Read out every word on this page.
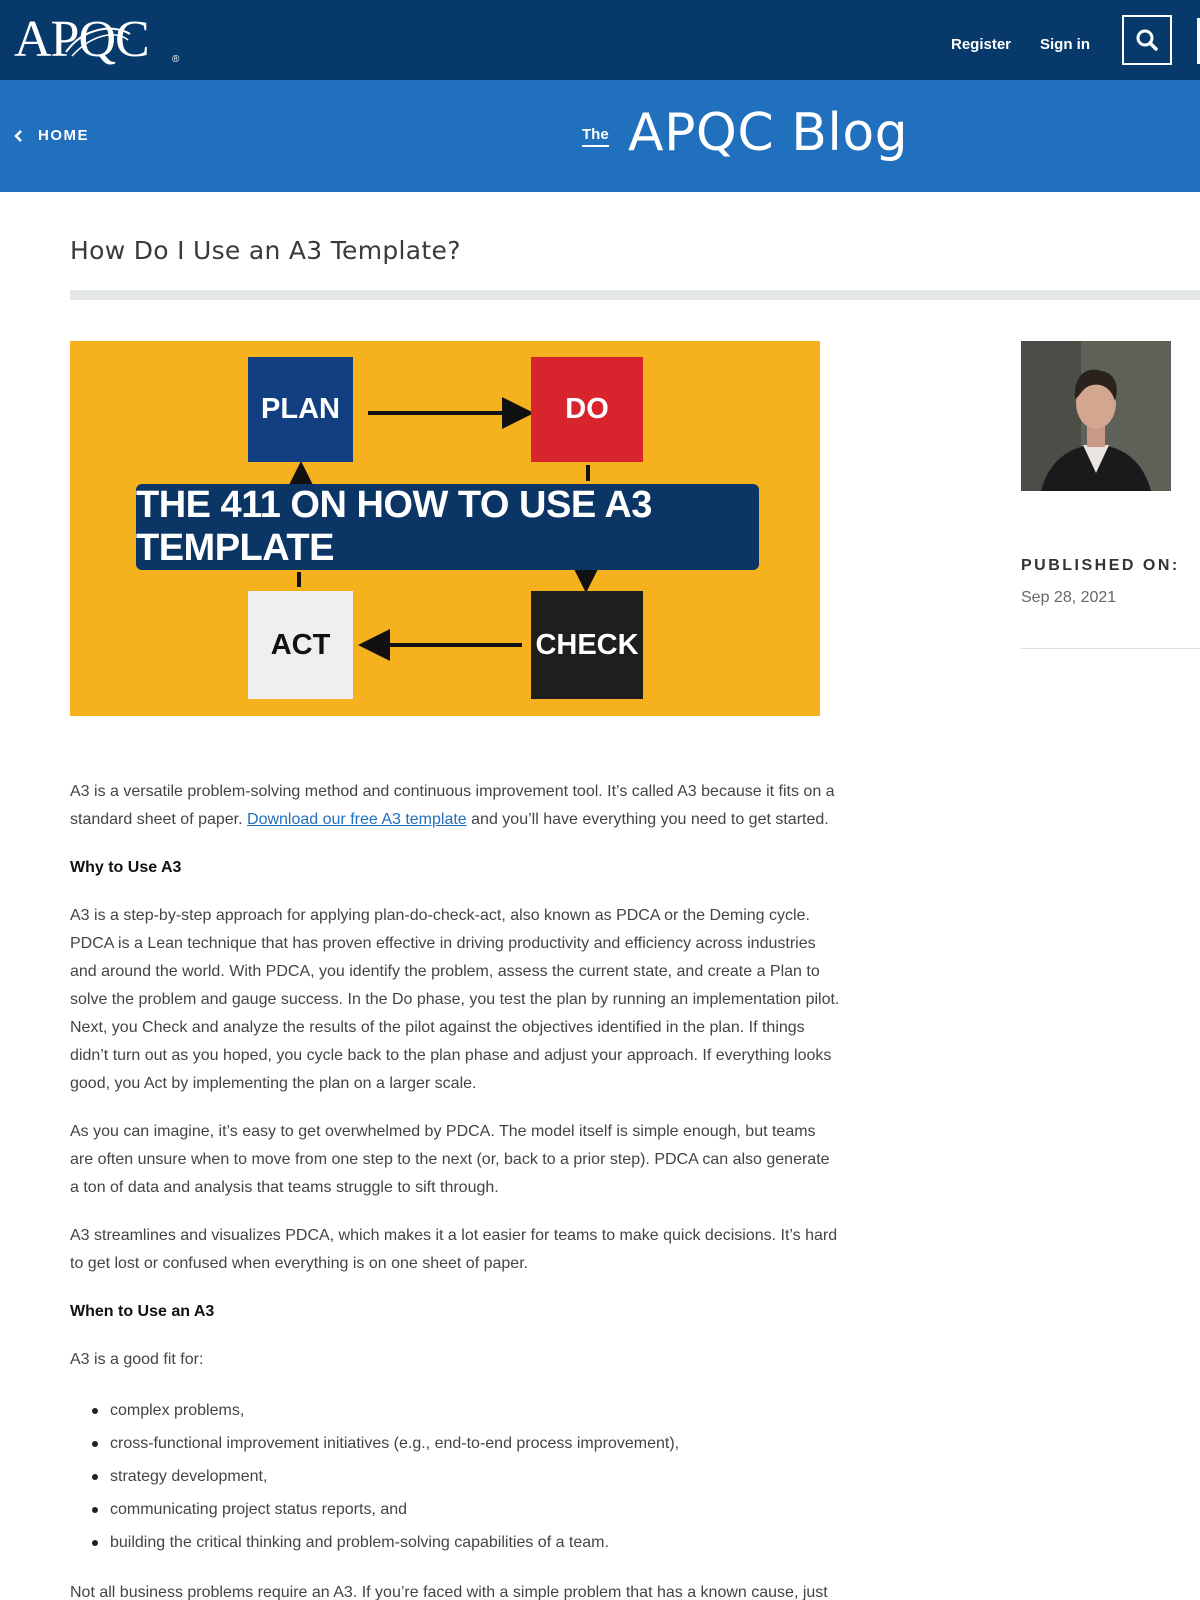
APQC ®
Register Sign in
HOME	The APQC Blog
How Do I Use an A3 Template?
PLAN	DO
ACT	CHECK
THE 411 ON HOW TO USE A3 TEMPLATE	PUBLISHED ON:
Sep 28, 2021

A3 is a versatile problem-solving method and continuous improvement tool. It’s called A3 because it fits on a standard sheet of paper. Download our free A3 template and you’ll have everything you need to get started.

Why to Use A3

A3 is a step-by-step approach for applying plan-do-check-act, also known as PDCA or the Deming cycle. PDCA is a Lean technique that has proven effective in driving productivity and efficiency across industries and around the world. With PDCA, you identify the problem, assess the current state, and create a Plan to solve the problem and gauge success. In the Do phase, you test the plan by running an implementation pilot. Next, you Check and analyze the results of the pilot against the objectives identified in the plan. If things didn’t turn out as you hoped, you cycle back to the plan phase and adjust your approach. If everything looks good, you Act by implementing the plan on a larger scale.

As you can imagine, it’s easy to get overwhelmed by PDCA. The model itself is simple enough, but teams are often unsure when to move from one step to the next (or, back to a prior step). PDCA can also generate a ton of data and analysis that teams struggle to sift through.

A3 streamlines and visualizes PDCA, which makes it a lot easier for teams to make quick decisions. It’s hard to get lost or confused when everything is on one sheet of paper.

When to Use an A3

A3 is a good fit for:

complex problems,
cross-functional improvement initiatives (e.g., end-to-end process improvement),
strategy development,
communicating project status reports, and
building the critical thinking and problem-solving capabilities of a team.

Not all business problems require an A3. If you’re faced with a simple problem that has a known cause, just
